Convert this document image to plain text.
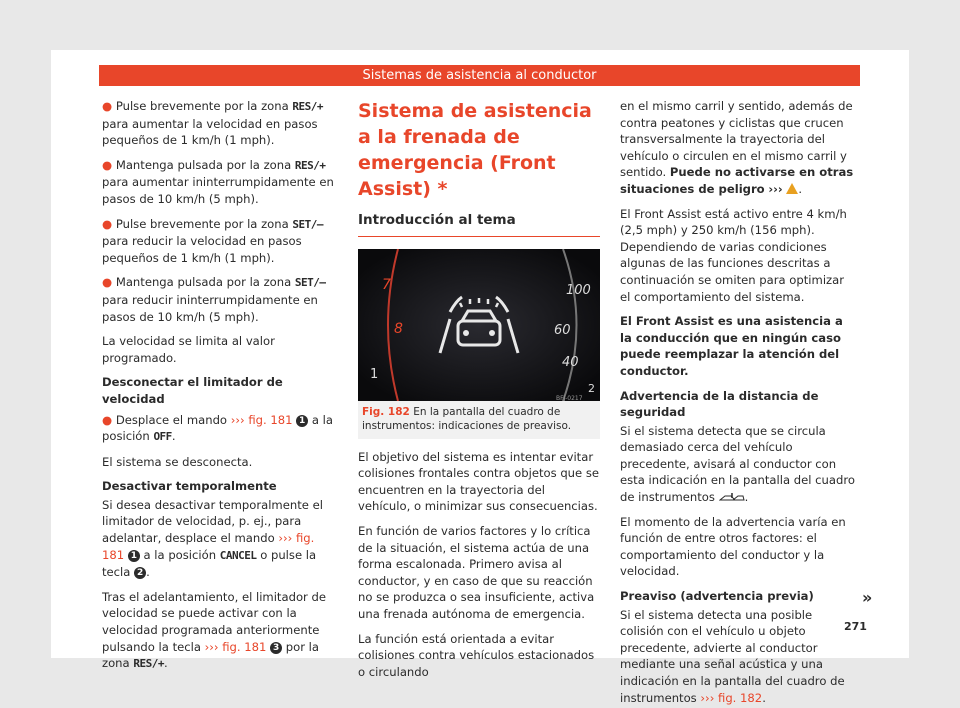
Sistemas de asistencia al conductor

● Pulse brevemente por la zona RES/+ para aumentar la velocidad en pasos pequeños de 1 km/h (1 mph).

● Mantenga pulsada por la zona RES/+ para aumentar ininterrumpidamente en pasos de 10 km/h (5 mph).

● Pulse brevemente por la zona SET/– para reducir la velocidad en pasos pequeños de 1 km/h (1 mph).

● Mantenga pulsada por la zona SET/– para reducir ininterrumpidamente en pasos de 10 km/h (5 mph).

La velocidad se limita al valor programado.

Desconectar el limitador de velocidad

● Desplace el mando ››› fig. 181 1 a la posición OFF.

El sistema se desconecta.

Desactivar temporalmente

Si desea desactivar temporalmente el limitador de velocidad, p. ej., para adelantar, desplace el mando ››› fig. 181 1 a la posición CANCEL o pulse la tecla 2 .

Tras el adelantamiento, el limitador de velocidad se puede activar con la velocidad programada anteriormente pulsando la tecla ››› fig. 181 3 por la zona RES/+.

Sistema de asistencia a la frenada de emergencia (Front Assist) *
Introducción al tema
7
8
100
60
40
1
2
BFJ-0217
Fig. 182 En la pantalla del cuadro de instrumentos: indicaciones de preaviso.

El objetivo del sistema es intentar evitar colisiones frontales contra objetos que se encuentren en la trayectoria del vehículo, o minimizar sus consecuencias.

En función de varios factores y lo crítica de la situación, el sistema actúa de una forma escalonada. Primero avisa al conductor, y en caso de que su reacción no se produzca o sea insuficiente, activa una frenada autónoma de emergencia.

La función está orientada a evitar colisiones contra vehículos estacionados o circulando

en el mismo carril y sentido, además de contra peatones y ciclistas que crucen transversalmente la trayectoria del vehículo o circulen en el mismo carril y sentido. Puede no activarse en otras situaciones de peligro ››› .

El Front Assist está activo entre 4 km/h (2,5 mph) y 250 km/h (156 mph). Dependiendo de varias condiciones algunas de las funciones descritas a continuación se omiten para optimizar el comportamiento del sistema.

El Front Assist es una asistencia a la conducción que en ningún caso puede reemplazar la atención del conductor.

Advertencia de la distancia de seguridad

Si el sistema detecta que se circula demasiado cerca del vehículo precedente, avisará al conductor con esta indicación en la pantalla del cuadro de instrumentos .

El momento de la advertencia varía en función de entre otros factores: el comportamiento del conductor y la velocidad.

Preaviso (advertencia previa)

Si el sistema detecta una posible colisión con el vehículo u objeto precedente, advierte al conductor mediante una señal acústica y una indicación en la pantalla del cuadro de instrumentos ››› fig. 182.

»
271
